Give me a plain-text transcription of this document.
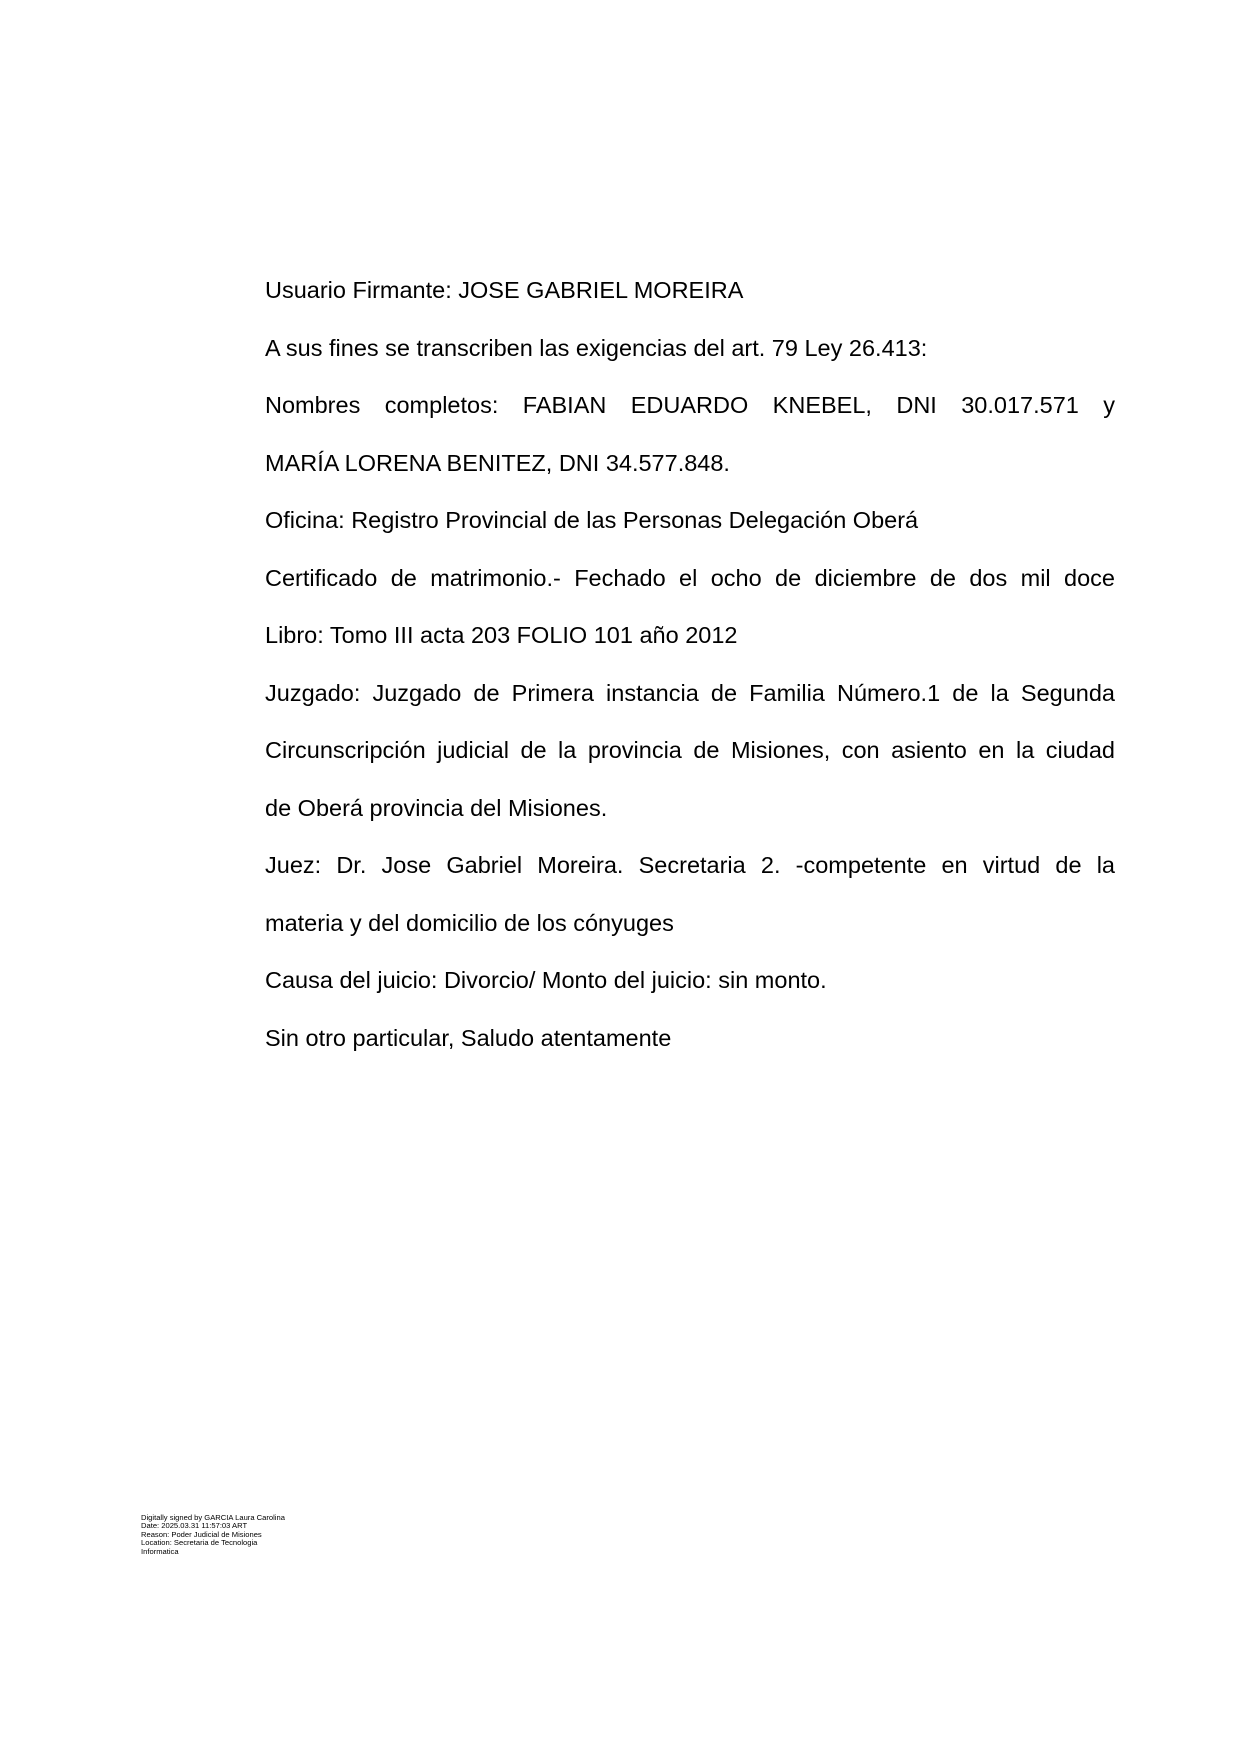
Usuario Firmante: JOSE GABRIEL MOREIRA

A sus fines se transcriben las exigencias del art. 79 Ley 26.413:

Nombres completos: FABIAN EDUARDO KNEBEL, DNI 30.017.571 y

MARÍA LORENA BENITEZ, DNI 34.577.848.

Oficina: Registro Provincial de las Personas Delegación Oberá

Certificado de matrimonio.- Fechado el ocho de diciembre de dos mil doce

Libro: Tomo III acta 203 FOLIO 101 año 2012

Juzgado: Juzgado de Primera instancia de Familia Número.1 de la Segunda

Circunscripción judicial de la provincia de Misiones, con asiento en la ciudad

de Oberá provincia del Misiones.

Juez: Dr. Jose Gabriel Moreira. Secretaria 2. -competente en virtud de la

materia y del domicilio de los cónyuges

Causa del juicio: Divorcio/ Monto del juicio: sin monto.

Sin otro particular, Saludo atentamente

Digitally signed by GARCIA Laura Carolina

Date: 2025.03.31 11:57:03 ART

Reason: Poder Judicial de Misiones

Location: Secretaria de Tecnologia

Informatica
